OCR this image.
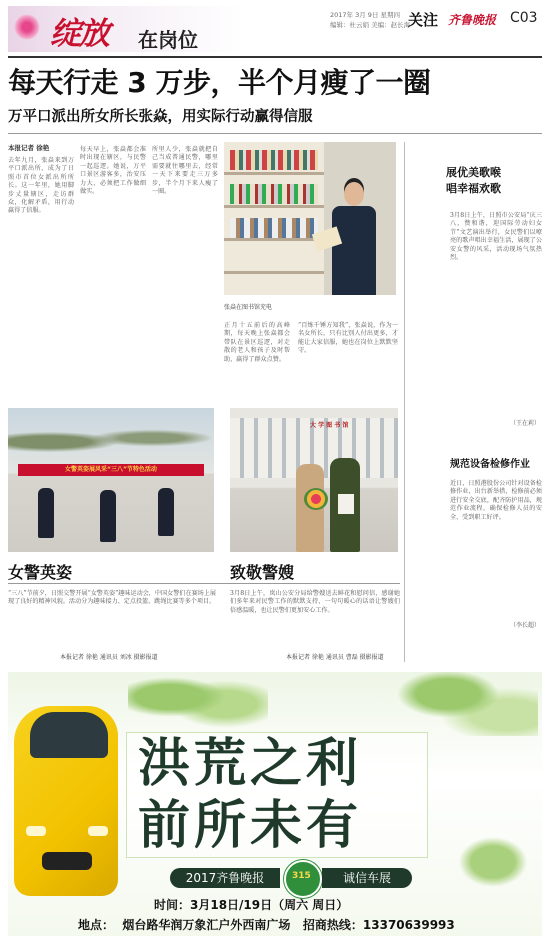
绽放 在岗位
2017年 3月 9日 星期四
编辑：杜云娟 美编：赵长海
关注 齐鲁晚报 C03
每天行走 3 万步，半个月瘦了一圈
万平口派出所女所长张焱，用实际行动赢得信服
本报记者 徐艳

去年九月，张焱来到万平口派出所，成为了日照市首位女派出所所长。这一年里，她用脚步丈量辖区，走访群众，化解矛盾，用行动赢得了信服。

每天早上，张焱都会准时出现在辖区，与民警一起巡逻。她说，万平口景区游客多，治安压力大，必须把工作做细做实。

所里人少，张焱就把自己当成普通民警，哪里需要就往哪里去，经常一天下来要走三万多步，半个月下来人瘦了一圈。

张焱在图书馆充电

正月十五前后的高峰期，每天晚上张焱都会带队在景区巡逻，对走散的老人和孩子及时帮助，赢得了群众点赞。

“百炼千锤方知我”，张焱说，作为一名女所长，只有比别人付出更多，才能让大家信服，她也在岗位上默默坚守。

展优美歌喉
唱幸福欢歌

3月8日上午，日照市公安局“庆三八，赞和谐，迎国际劳动妇女节”文艺演出举行，女民警们以嘹亮的歌声唱出幸福生活，展现了公安女警的风采，活动现场气氛热烈。

（王在莉）
规范设备检修作业

近日，日照港股份公司针对设备检修作业，出台新举措，检修前必须进行安全交底，配齐防护用品，规范作业流程，确保检修人员的安全，受到职工好评。

（李长超）
女警英姿展风采“三八”节特色活动
女警英姿
大 学 图 书 馆
致敬警嫂

“三八”节前夕，日照交警开展“女警英姿”趣味运动会，中国女警们在赛场上展现了良好的精神风貌。活动分为趣味接力、定点投篮、跳绳比赛等多个项目。

本报记者 徐艳 通讯员 刘冰 摄影报道

3月8日上午，岚山公安分局给警嫂送去鲜花和慰问信，感谢她们多年来对民警工作的默默支持，一句句暖心的话语让警嫂们倍感温暖，也让民警们更加安心工作。

本报记者 徐艳 通讯员 曹磊 摄影报道
洪荒之利
前所未有
2017齐鲁晚报	315	诚信车展
时间：3月18日/19日（周六 周日）
地点：  烟台路华润万象汇户外西南广场   招商热线：13370639993
